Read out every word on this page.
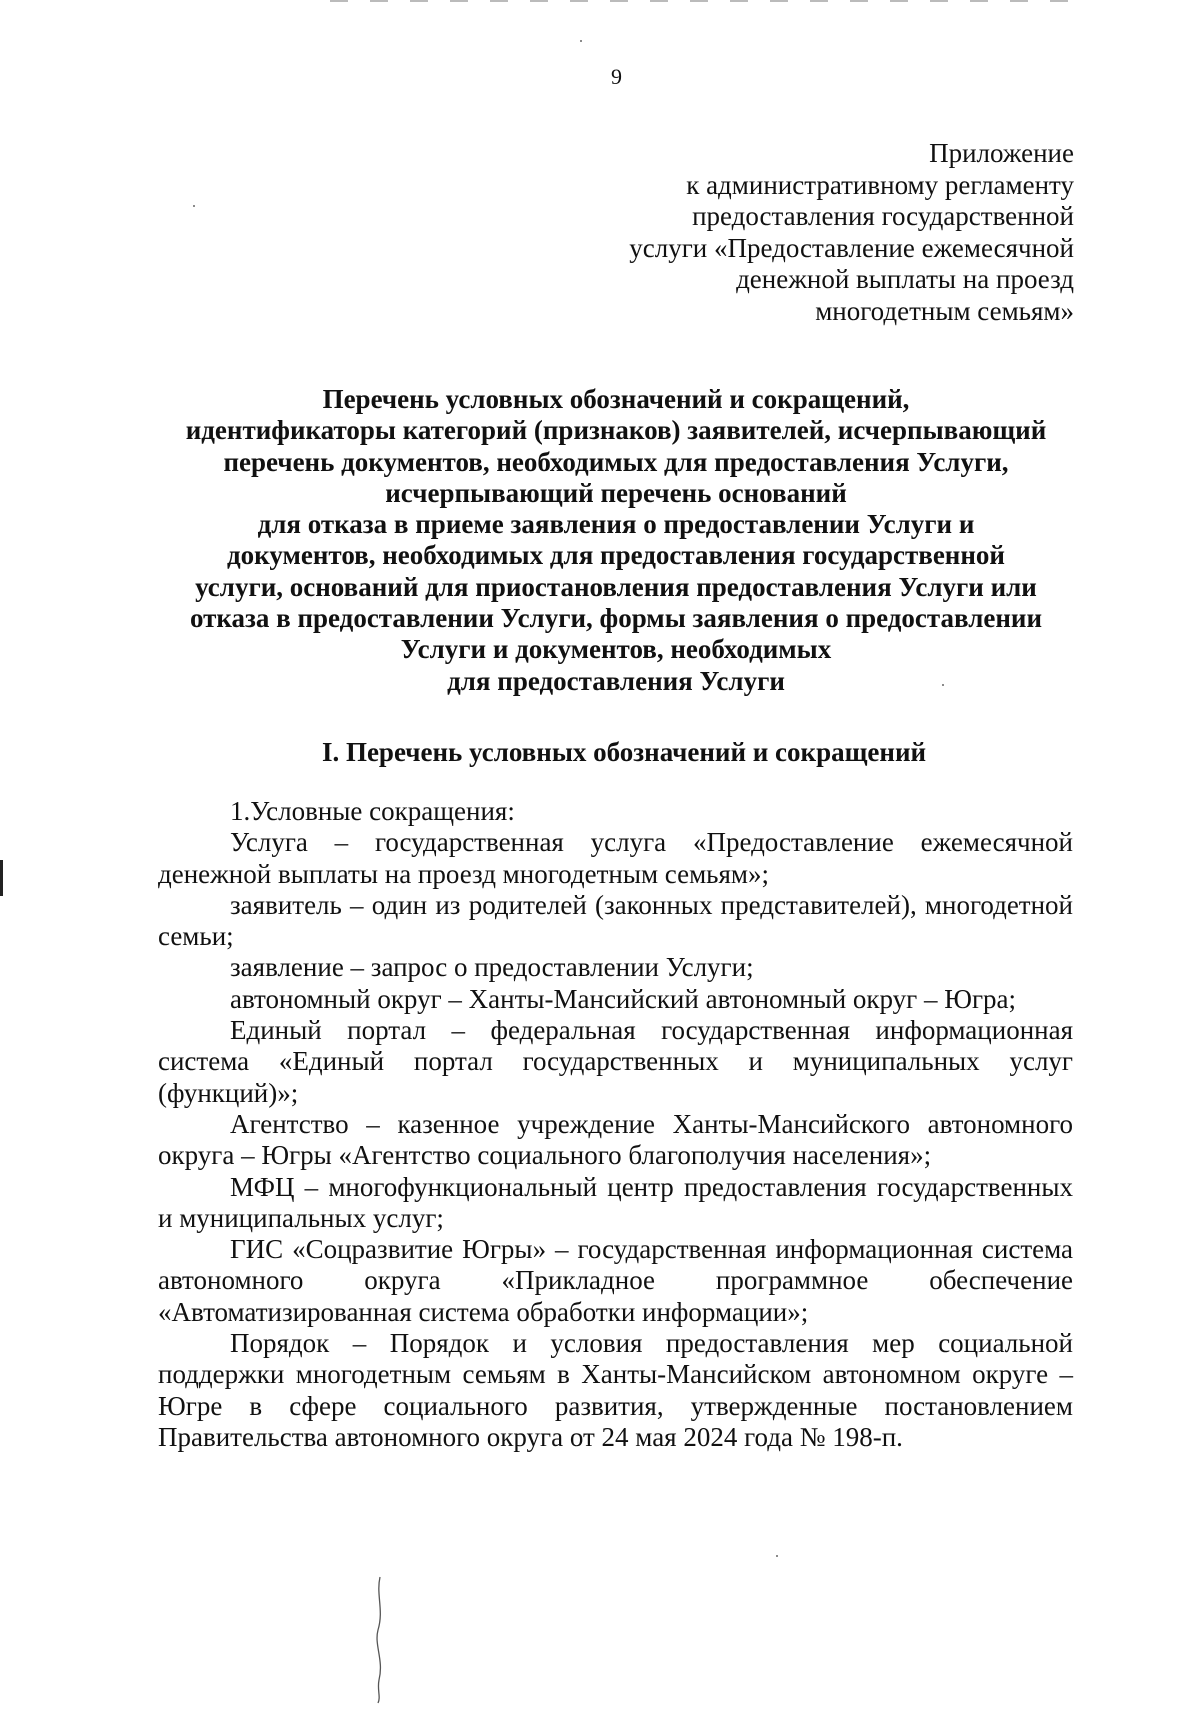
9
Приложение
к административному регламенту
предоставления государственной
услуги «Предоставление ежемесячной
денежной выплаты на проезд
многодетным семьям»
Перечень условных обозначений и сокращений,
идентификаторы категорий (признаков) заявителей, исчерпывающий
перечень документов, необходимых для предоставления Услуги,
исчерпывающий перечень оснований
для отказа в приеме заявления о предоставлении Услуги и
документов, необходимых для предоставления государственной
услуги, оснований для приостановления предоставления Услуги или
отказа в предоставлении Услуги, формы заявления о предоставлении
Услуги и документов, необходимых
для предоставления Услуги
I. Перечень условных обозначений и сокращений

1.Условные сокращения:

Услуга – государственная услуга «Предоставление ежемесячной денежной выплаты на проезд многодетным семьям»;

заявитель – один из родителей (законных представителей), многодетной семьи;

заявление – запрос о предоставлении Услуги;

автономный округ – Ханты-Мансийский автономный округ – Югра;

Единый портал – федеральная государственная информационная система «Единый портал государственных и муниципальных услуг (функций)»;

Агентство – казенное учреждение Ханты-Мансийского автономного округа – Югры «Агентство социального благополучия населения»;

МФЦ – многофункциональный центр предоставления государственных и муниципальных услуг;

ГИС «Соцразвитие Югры» – государственная информационная система автономного округа «Прикладное программное обеспечение «Автоматизированная система обработки информации»;

Порядок – Порядок и условия предоставления мер социальной поддержки многодетным семьям в Ханты-Мансийском автономном округе – Югре в сфере социального развития, утвержденные постановлением Правительства автономного округа от 24 мая 2024 года № 198-п.
